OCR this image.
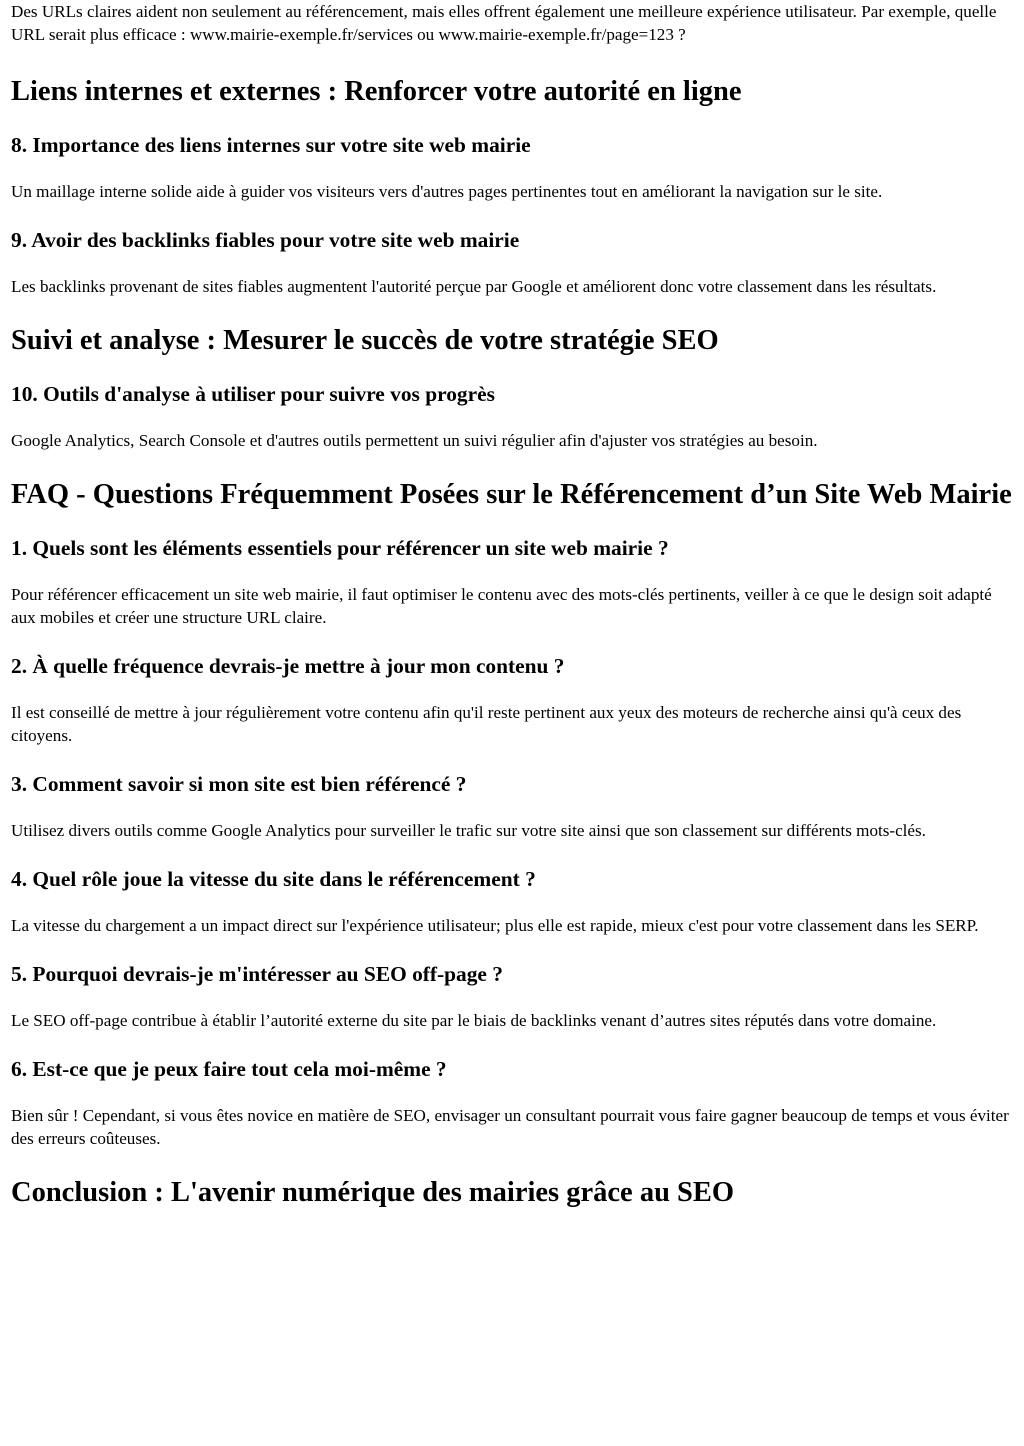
Des URLs claires aident non seulement au référencement, mais elles offrent également une meilleure expérience utilisateur. Par exemple, quelle URL serait plus efficace : www.mairie-exemple.fr/services ou www.mairie-exemple.fr/page=123 ?

Liens internes et externes : Renforcer votre autorité en ligne
8. Importance des liens internes sur votre site web mairie

Un maillage interne solide aide à guider vos visiteurs vers d'autres pages pertinentes tout en améliorant la navigation sur le site.

9. Avoir des backlinks fiables pour votre site web mairie

Les backlinks provenant de sites fiables augmentent l'autorité perçue par Google et améliorent donc votre classement dans les résultats.

Suivi et analyse : Mesurer le succès de votre stratégie SEO
10. Outils d'analyse à utiliser pour suivre vos progrès

Google Analytics, Search Console et d'autres outils permettent un suivi régulier afin d'ajuster vos stratégies au besoin.

FAQ - Questions Fréquemment Posées sur le Référencement d’un Site Web Mairie
1. Quels sont les éléments essentiels pour référencer un site web mairie ?

Pour référencer efficacement un site web mairie, il faut optimiser le contenu avec des mots-clés pertinents, veiller à ce que le design soit adapté aux mobiles et créer une structure URL claire.

2. À quelle fréquence devrais-je mettre à jour mon contenu ?

Il est conseillé de mettre à jour régulièrement votre contenu afin qu'il reste pertinent aux yeux des moteurs de recherche ainsi qu'à ceux des citoyens.

3. Comment savoir si mon site est bien référencé ?

Utilisez divers outils comme Google Analytics pour surveiller le trafic sur votre site ainsi que son classement sur différents mots-clés.

4. Quel rôle joue la vitesse du site dans le référencement ?

La vitesse du chargement a un impact direct sur l'expérience utilisateur; plus elle est rapide, mieux c'est pour votre classement dans les SERP.

5. Pourquoi devrais-je m'intéresser au SEO off-page ?

Le SEO off-page contribue à établir l’autorité externe du site par le biais de backlinks venant d’autres sites réputés dans votre domaine.

6. Est-ce que je peux faire tout cela moi-même ?

Bien sûr ! Cependant, si vous êtes novice en matière de SEO, envisager un consultant pourrait vous faire gagner beaucoup de temps et vous éviter des erreurs coûteuses.

Conclusion : L'avenir numérique des mairies grâce au SEO
